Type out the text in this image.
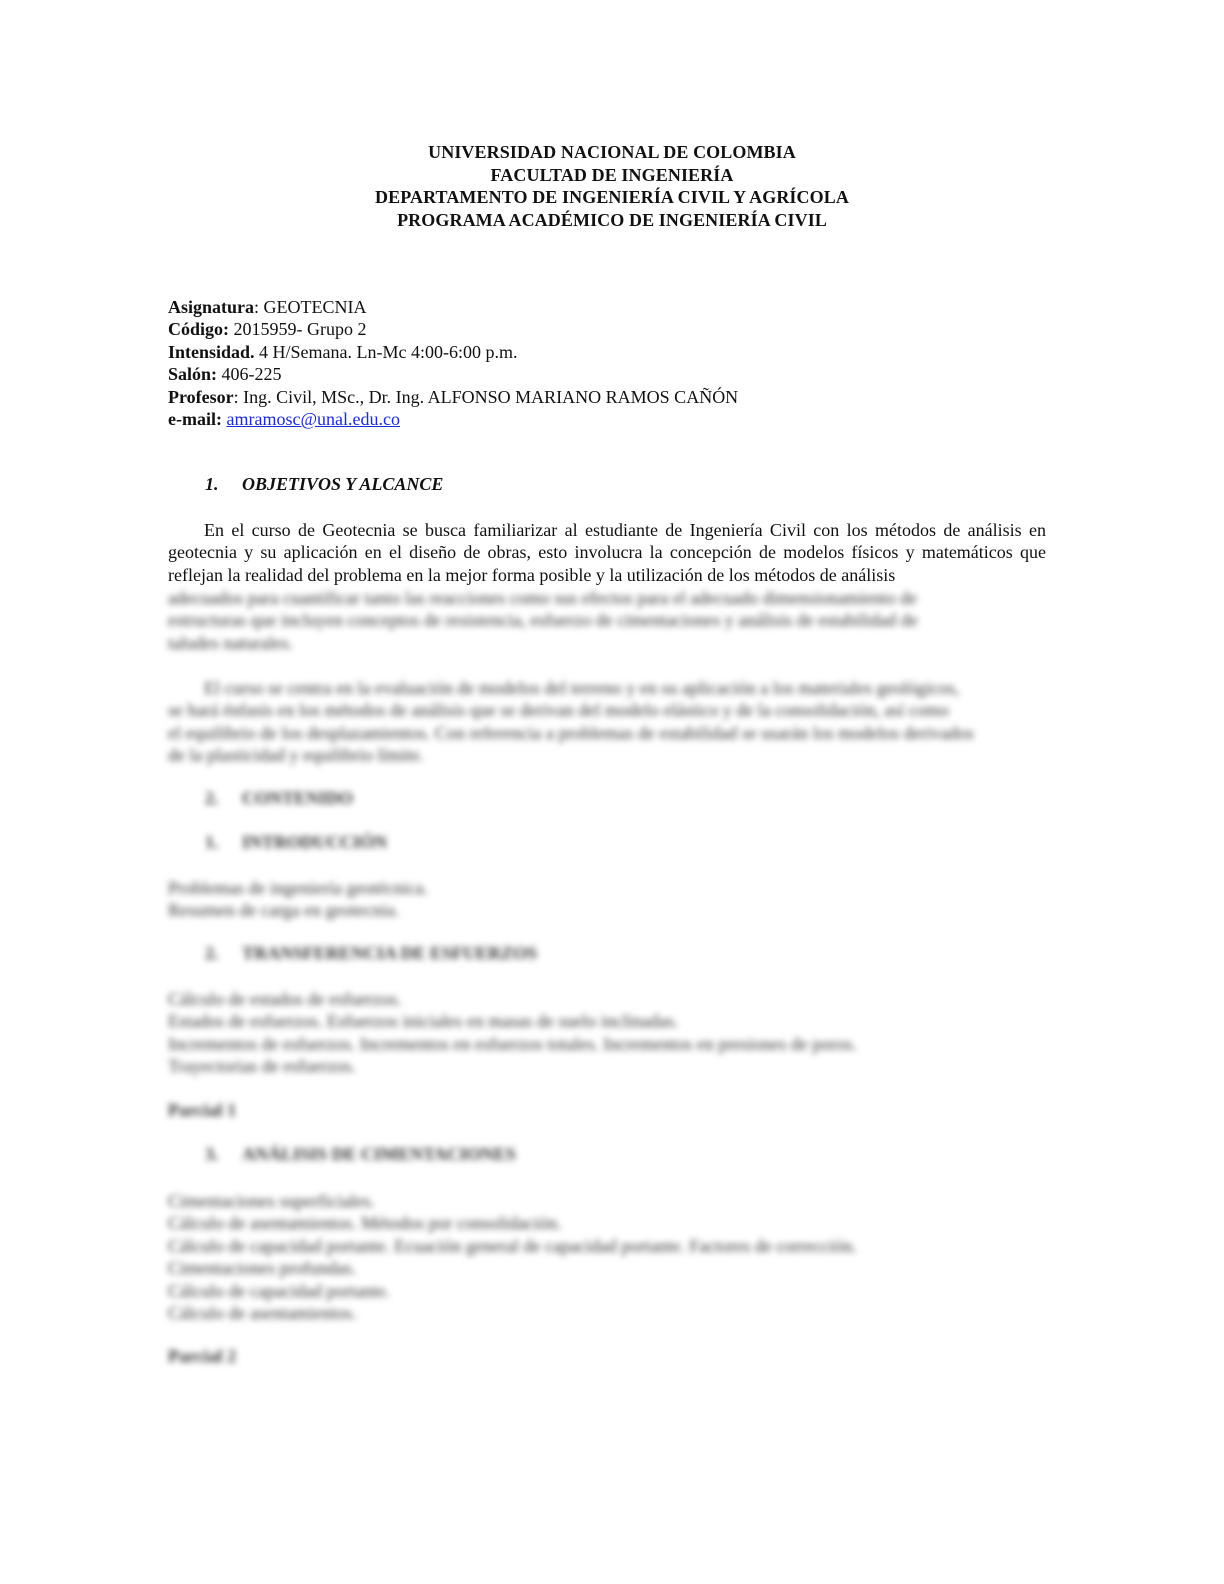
UNIVERSIDAD NACIONAL DE COLOMBIA
FACULTAD DE INGENIERÍA
DEPARTAMENTO DE INGENIERÍA CIVIL Y AGRÍCOLA
PROGRAMA ACADÉMICO DE INGENIERÍA CIVIL
Asignatura: GEOTECNIA
Código: 2015959- Grupo 2
Intensidad. 4 H/Semana. Ln-Mc 4:00-6:00 p.m.
Salón: 406-225
Profesor: Ing. Civil, MSc., Dr. Ing. ALFONSO MARIANO RAMOS CAÑÓN
e-mail: amramosc@unal.edu.co
1. OBJETIVOS Y ALCANCE
En el curso de Geotecnia se busca familiarizar al estudiante de Ingeniería Civil con los métodos de análisis en geotecnia y su aplicación en el diseño de obras, esto involucra la concepción de modelos físicos y matemáticos que reflejan la realidad del problema en la mejor forma posible y la utilización de los métodos de análisis
adecuados para cuantificar tanto las reacciones como sus efectos para el adecuado dimensionamiento de
estructuras que incluyen conceptos de resistencia, esfuerzo de cimentaciones y análisis de estabilidad de
taludes naturales.
El curso se centra en la evaluación de modelos del terreno y en su aplicación a los materiales geológicos,
se hará énfasis en los métodos de análisis que se derivan del modelo elástico y de la consolidación, así como
el equilibrio de los desplazamientos. Con referencia a problemas de estabilidad se usarán los modelos derivados
de la plasticidad y equilibrio límite.
2. CONTENIDO
1. INTRODUCCIÓN
Problemas de ingeniería geotécnica.
Resumen de carga en geotecnia.
2. TRANSFERENCIA DE ESFUERZOS
Cálculo de estados de esfuerzos.
Estados de esfuerzos. Esfuerzos iniciales en masas de suelo inclinadas.
Incrementos de esfuerzos. Incrementos en esfuerzos totales. Incrementos en presiones de poros.
Trayectorias de esfuerzos.
Parcial 1
3. ANÁLISIS DE CIMENTACIONES
Cimentaciones superficiales.
Cálculo de asentamientos. Métodos por consolidación.
Cálculo de capacidad portante. Ecuación general de capacidad portante. Factores de corrección.
Cimentaciones profundas.
Cálculo de capacidad portante.
Cálculo de asentamientos.
Parcial 2
